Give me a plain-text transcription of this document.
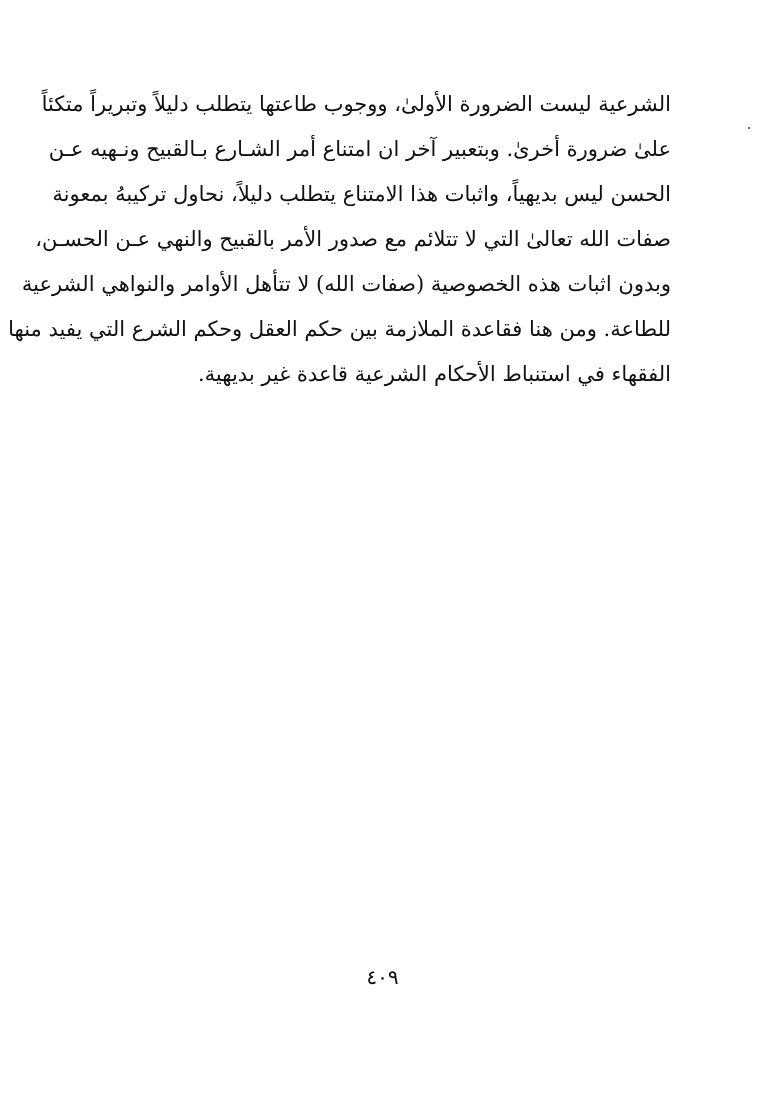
الشرعية ليست الضرورة الأولىٰ، ووجوب طاعتها يتطلب دليلاً وتبريراً متكئاً
علىٰ ضرورة أخرىٰ. وبتعبير آخر ان امتناع أمر الشـارع بـالقبيح ونـهيه عـن
الحسن ليس بديهياً، واثبات هذا الامتناع يتطلب دليلاً، نحاول تركيبهُ بمعونة
صفات الله تعالىٰ التي لا تتلائم مع صدور الأمر بالقبيح والنهي عـن الحسـن،
وبدون اثبات هذه الخصوصية (صفات الله) لا تتأهل الأوامر والنواهي الشرعية
للطاعة. ومن هنا فقاعدة الملازمة بين حكم العقل وحكم الشرع التي يفيد منها
الفقهاء في استنباط الأحكام الشرعية قاعدة غير بديهية.
٤٠٩
